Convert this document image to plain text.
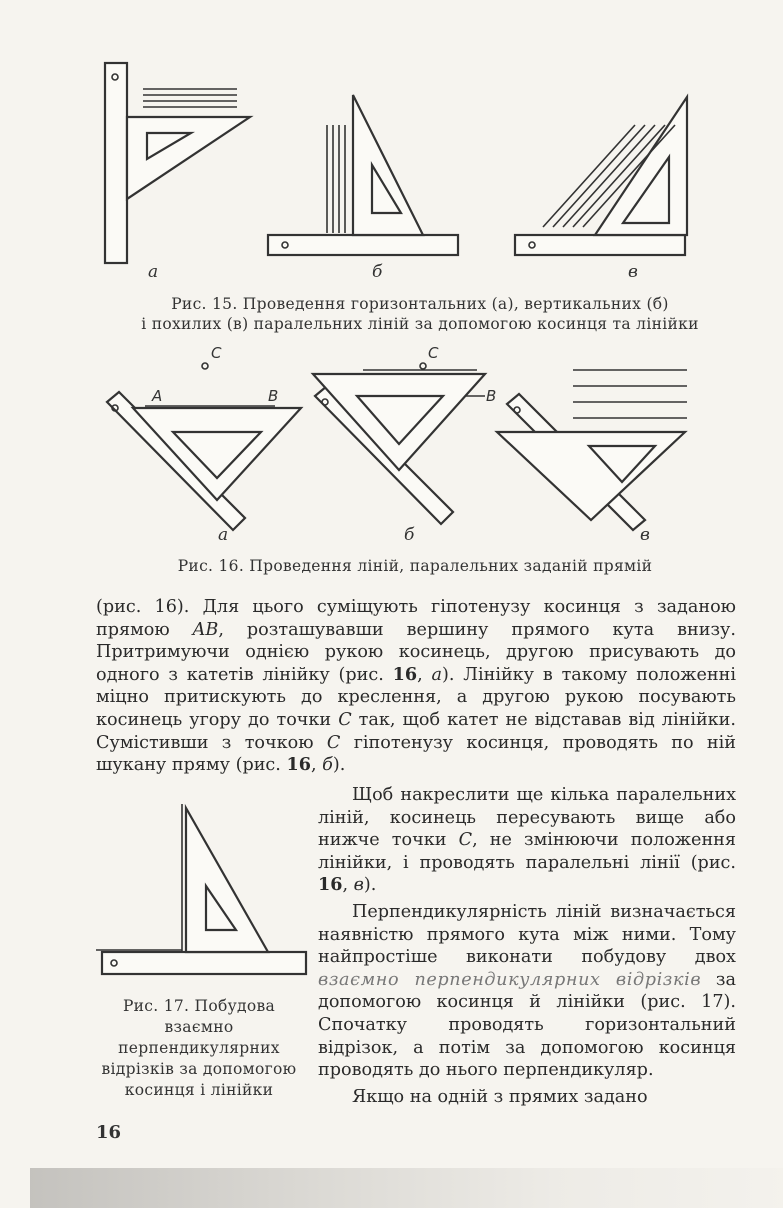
а	б	в
Рис. 15. Проведення горизонтальних (а), вертикальних (б)
і похилих (в) паралельних ліній за допомогою косинця та лінійки
C
A	B
C
B
а	б	в
Рис. 16. Проведення ліній, паралельних заданій прямій

(рис. 16). Для цього суміщують гіпотенузу косинця з заданою прямою AB, розташувавши вершину прямого кута внизу. Притримуючи однією рукою косинець, другою присувають до одного з катетів лінійку (рис. 16, а). Лінійку в такому положенні міцно притискують до креслення, а другою рукою посувають косинець угору до точки C так, щоб катет не відставав від лінійки. Сумістивши з точкою C гіпотенузу косинця, проводять по ній шукану пряму (рис. 16, б).

Рис. 17. Побудова взаємно перпендикулярних відрізків за допомогою косинця і лінійки

Щоб накреслити ще кілька паралельних ліній, косинець пересувають вище або нижче точки C, не змінюючи положення лінійки, і проводять паралельні лінії (рис. 16, в).

Перпендикулярність ліній визначається наявністю прямого кута між ними. Тому найпростіше виконати побудову двох взаємно перпендикулярних відрізків за допомогою косинця й лінійки (рис. 17). Спочатку проводять горизонтальний відрізок, а потім за допомогою косинця проводять до нього перпендикуляр.

Якщо на одній з прямих задано

16
